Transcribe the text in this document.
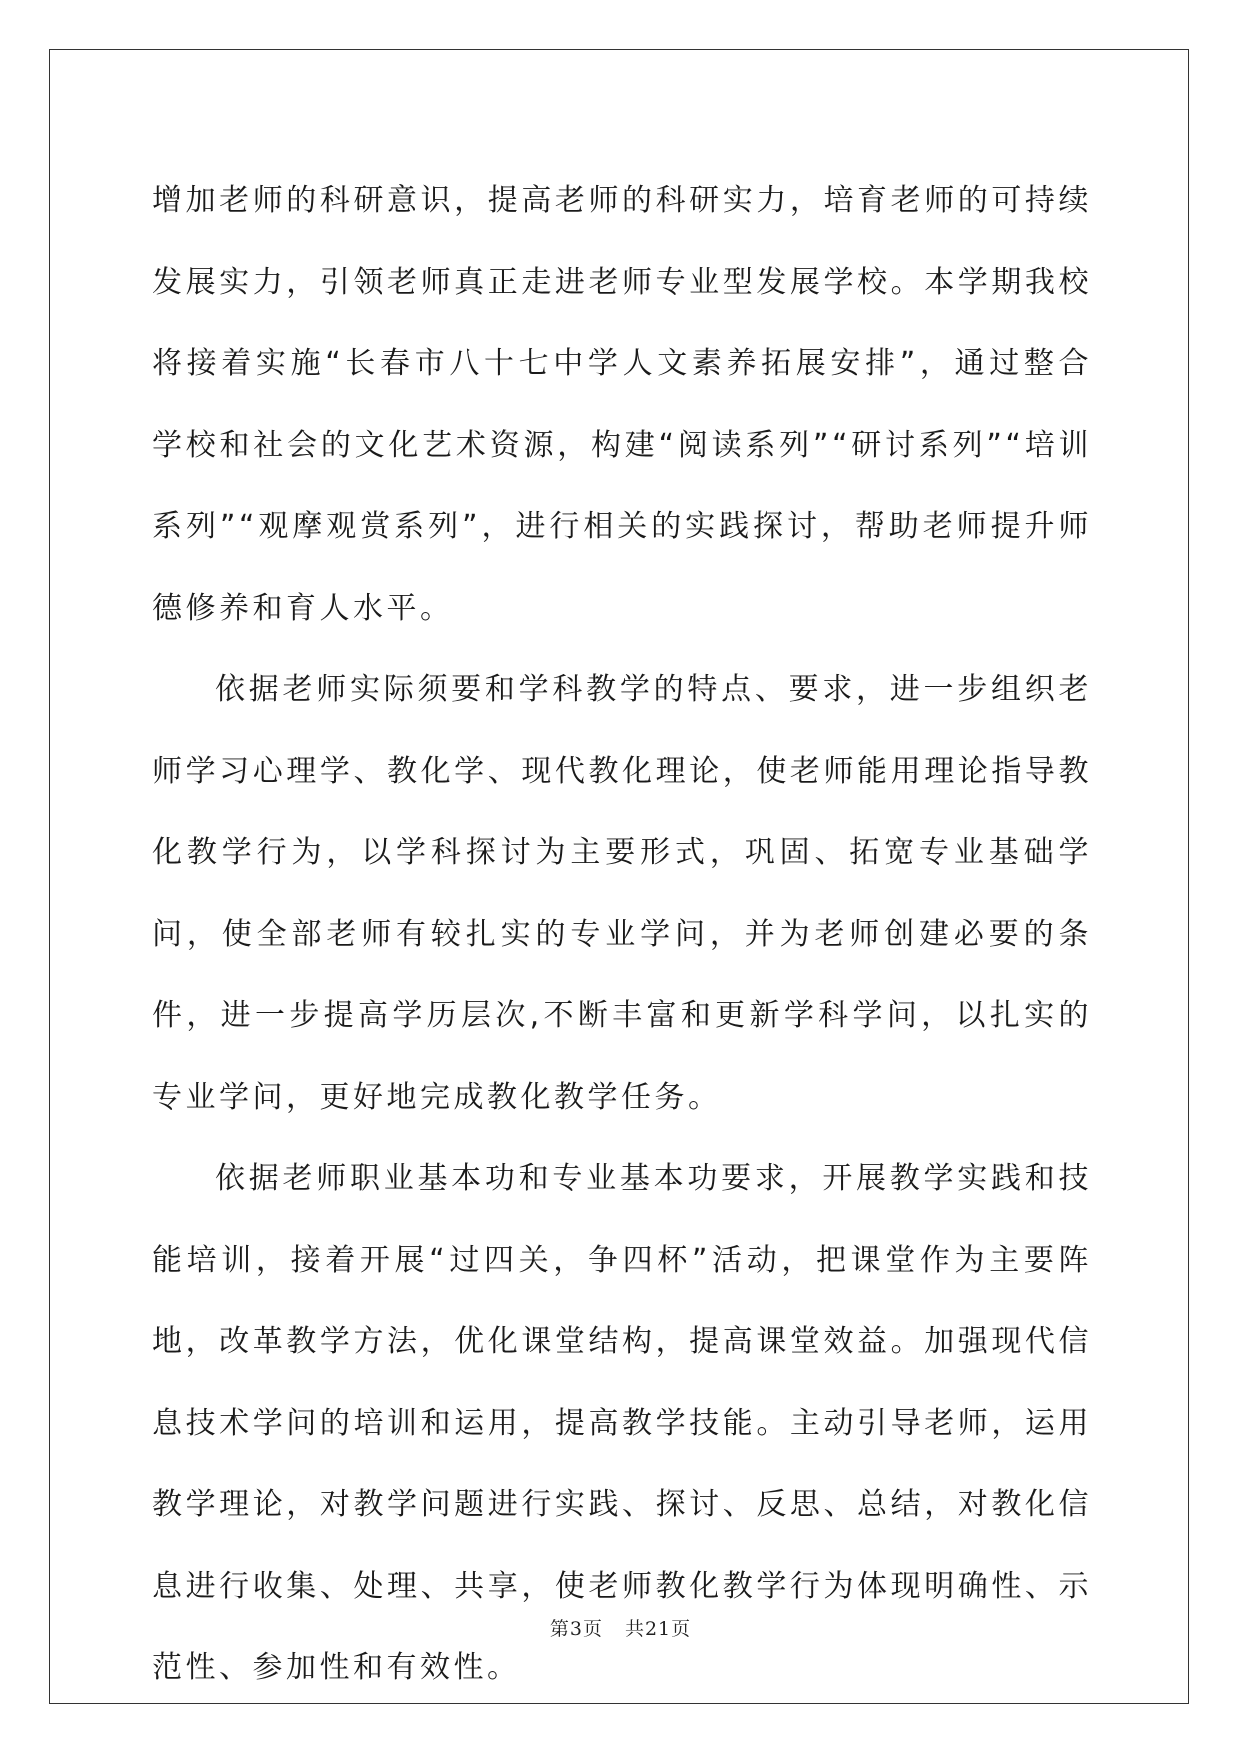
增加老师的科研意识，提高老师的科研实力，培育老师的可持续发展实力，引领老师真正走进老师专业型发展学校。本学期我校将接着实施“长春市八十七中学人文素养拓展安排”，通过整合学校和社会的文化艺术资源，构建“阅读系列”“研讨系列”“培训系列”“观摩观赏系列”，进行相关的实践探讨，帮助老师提升师德修养和育人水平。

依据老师实际须要和学科教学的特点、要求，进一步组织老师学习心理学、教化学、现代教化理论，使老师能用理论指导教化教学行为，以学科探讨为主要形式，巩固、拓宽专业基础学问，使全部老师有较扎实的专业学问，并为老师创建必要的条件，进一步提高学历层次,不断丰富和更新学科学问，以扎实的专业学问，更好地完成教化教学任务。

依据老师职业基本功和专业基本功要求，开展教学实践和技能培训，接着开展“过四关，争四杯”活动，把课堂作为主要阵地，改革教学方法，优化课堂结构，提高课堂效益。加强现代信息技术学问的培训和运用，提高教学技能。主动引导老师，运用教学理论，对教学问题进行实践、探讨、反思、总结，对教化信息进行收集、处理、共享，使老师教化教学行为体现明确性、示范性、参加性和有效性。

第3页 共21页
